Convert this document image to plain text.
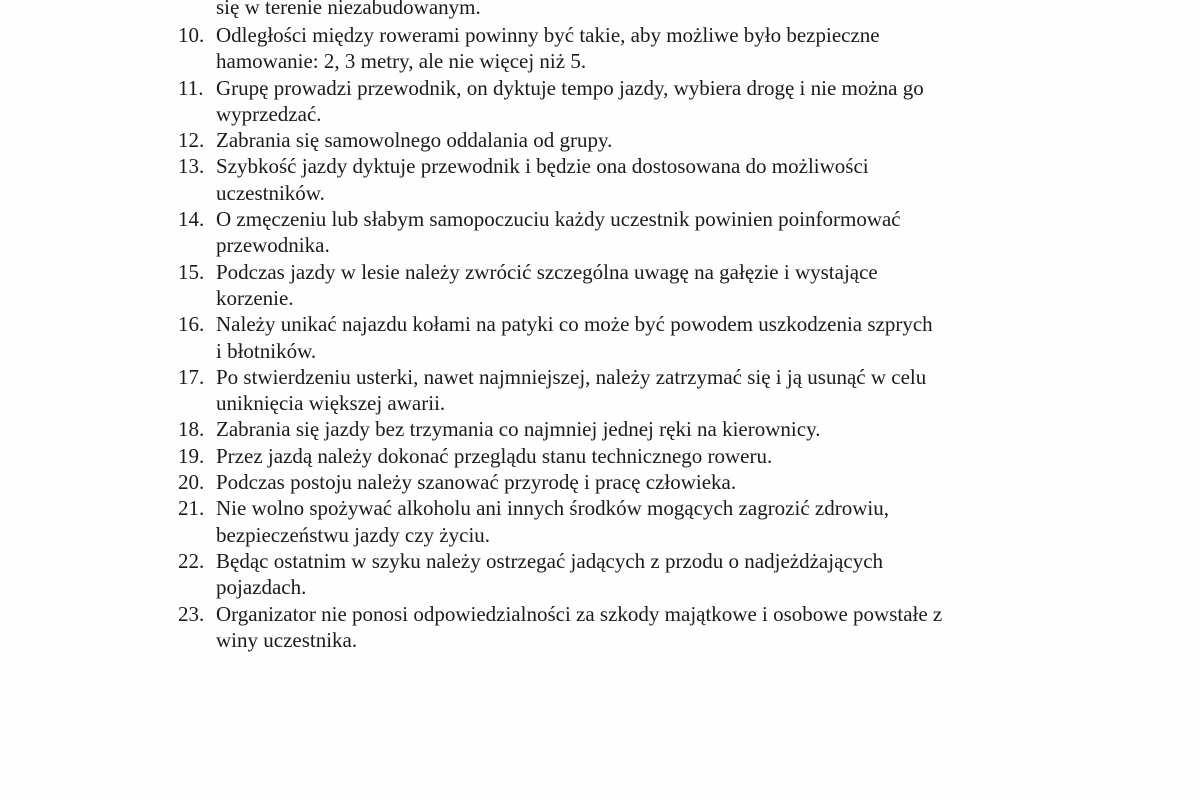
się w terenie niezabudowanym.
10. Odległości między rowerami powinny być takie, aby możliwe było bezpieczne
hamowanie: 2, 3 metry, ale nie więcej niż 5.
11. Grupę prowadzi przewodnik, on dyktuje tempo jazdy, wybiera drogę i nie można go
wyprzedzać.
12. Zabrania się samowolnego oddalania od grupy.
13. Szybkość jazdy dyktuje przewodnik i będzie ona dostosowana do możliwości
uczestników.
14. O zmęczeniu lub słabym samopoczuciu każdy uczestnik powinien poinformować
przewodnika.
15. Podczas jazdy w lesie należy zwrócić szczególna uwagę na gałęzie i wystające
korzenie.
16. Należy unikać najazdu kołami na patyki co może być powodem uszkodzenia szprych
i błotników.
17. Po stwierdzeniu usterki, nawet najmniejszej, należy zatrzymać się i ją usunąć w celu
uniknięcia większej awarii.
18. Zabrania się jazdy bez trzymania co najmniej jednej ręki na kierownicy.
19. Przez jazdą należy dokonać przeglądu stanu technicznego roweru.
20. Podczas postoju należy szanować przyrodę i pracę człowieka.
21. Nie wolno spożywać alkoholu ani innych środków mogących zagrozić zdrowiu,
bezpieczeństwu jazdy czy życiu.
22. Będąc ostatnim w szyku należy ostrzegać jadących z przodu o nadjeżdżających
pojazdach.
23. Organizator nie ponosi odpowiedzialności za szkody majątkowe i osobowe powstałe z
winy uczestnika.
